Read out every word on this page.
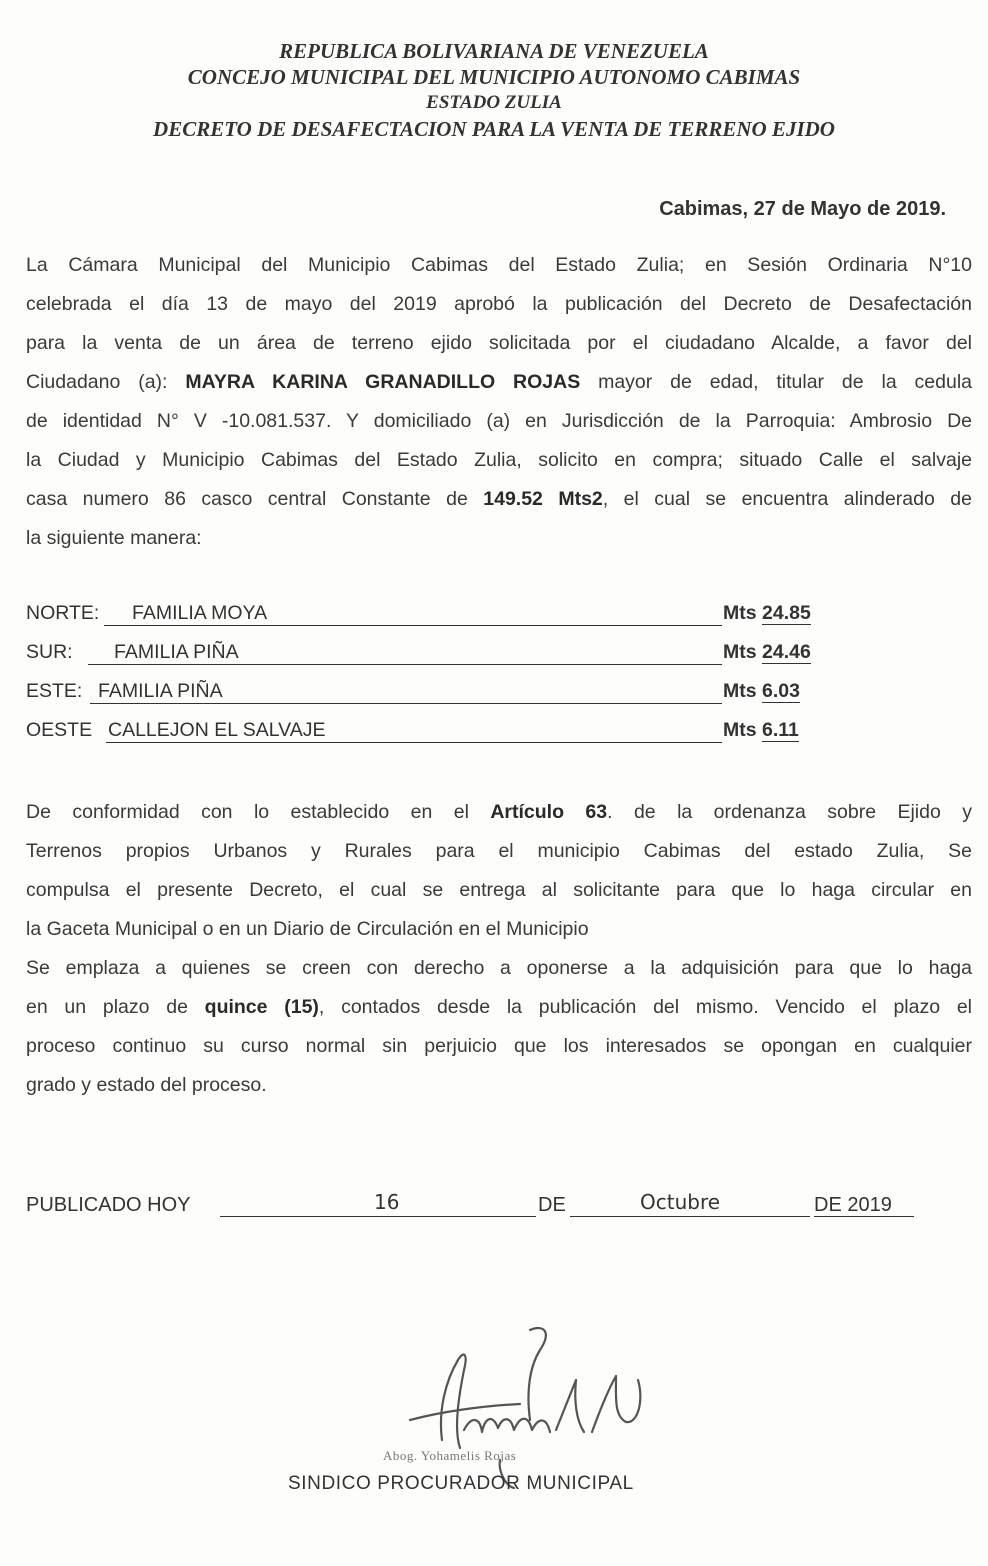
REPUBLICA BOLIVARIANA DE VENEZUELA
CONCEJO MUNICIPAL DEL MUNICIPIO AUTONOMO CABIMAS
ESTADO ZULIA
DECRETO DE DESAFECTACION PARA LA VENTA DE TERRENO EJIDO
Cabimas, 27 de Mayo de 2019.
La Cámara Municipal del Municipio Cabimas del Estado Zulia; en Sesión Ordinaria N°10
celebrada el día 13 de mayo del 2019 aprobó la publicación del Decreto de Desafectación
para la venta de un área de terreno ejido solicitada por el ciudadano Alcalde, a favor del
Ciudadano (a): MAYRA KARINA GRANADILLO ROJAS mayor de edad, titular de la cedula
de identidad N° V -10.081.537. Y domiciliado (a) en Jurisdicción de la Parroquia: Ambrosio De
la Ciudad y Municipio Cabimas del Estado Zulia, solicito en compra; situado Calle el salvaje
casa numero 86 casco central Constante de 149.52 Mts2, el cual se encuentra alinderado de
la siguiente manera:
NORTE: FAMILIA MOYA	Mts 24.85
SUR: FAMILIA PIÑA	Mts 24.46
ESTE: FAMILIA PIÑA	Mts 6.03
OESTE CALLEJON EL SALVAJE	Mts 6.11
De conformidad con lo establecido en el Artículo 63. de la ordenanza sobre Ejido y
Terrenos propios Urbanos y Rurales para el municipio Cabimas del estado Zulia, Se
compulsa el presente Decreto, el cual se entrega al solicitante para que lo haga circular en
la Gaceta Municipal o en un Diario de Circulación en el Municipio
Se emplaza a quienes se creen con derecho a oponerse a la adquisición para que lo haga
en un plazo de quince (15), contados desde la publicación del mismo. Vencido el plazo el
proceso continuo su curso normal sin perjuicio que los interesados se opongan en cualquier
grado y estado del proceso.
PUBLICADO HOY	16	DE	Octubre	DE 2019
Abog. Yohamelis Rojas
SINDICO PROCURADOR MUNICIPAL
